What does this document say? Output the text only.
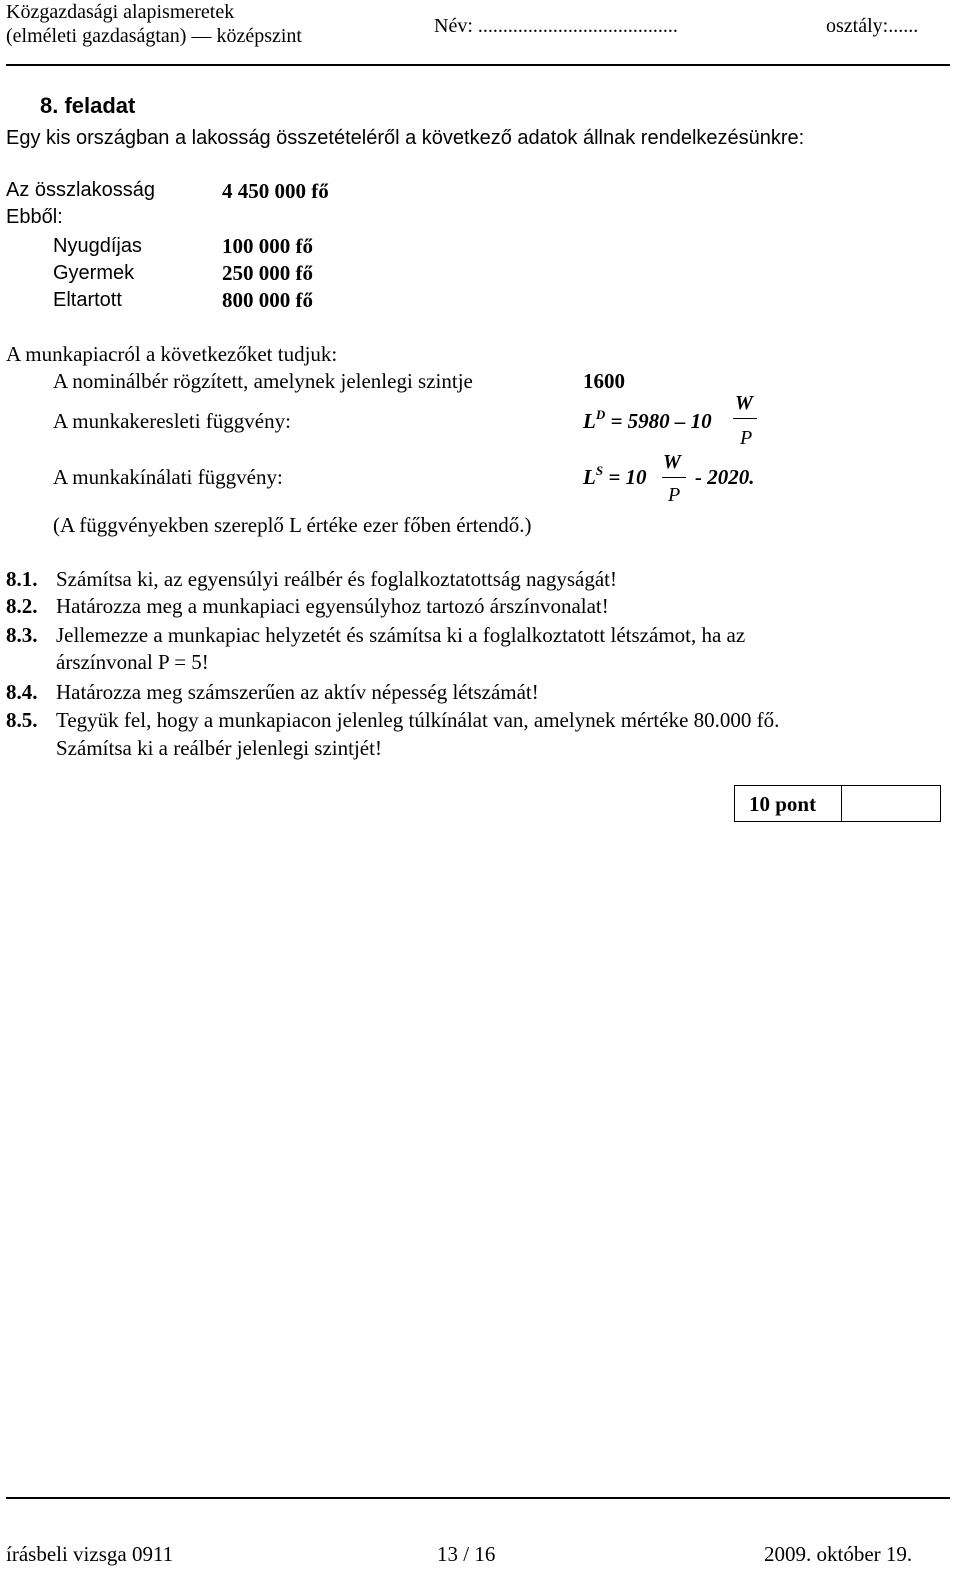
Közgazdasági alapismeretek
(elméleti gazdaságtan) — középszint	Név: ........................................	osztály:......
8. feladat
Egy kis országban a lakosság összetételéről a következő adatok állnak rendelkezésünkre:
Az összlakosság	4 450 000 fő
Ebből:
Nyugdíjas	100 000 fő
Gyermek	250 000 fő
Eltartott	800 000 fő
A munkapiacról a következőket tudjuk:
A nominálbér rögzített, amelynek jelenlegi szintje	1600
A munkakeresleti függvény:	$L^D = 5980 - 10$
W
P
A munkakínálati függvény:	$L^S = 10$
W
P
- 2020.
(A függvényekben szereplő L értéke ezer főben értendő.)
8.1. Számítsa ki, az egyensúlyi reálbér és foglalkoztatottság nagyságát!
8.2. Határozza meg a munkapiaci egyensúlyhoz tartozó árszínvonalat!
8.3. Jellemezze a munkapiac helyzetét és számítsa ki a foglalkoztatott létszámot, ha az
árszínvonal P = 5!
8.4. Határozza meg számszerűen az aktív népesség létszámát!
8.5. Tegyük fel, hogy a munkapiacon jelenleg túlkínálat van, amelynek mértéke 80.000 fő.
Számítsa ki a reálbér jelenlegi szintjét!
10 pont
írásbeli vizsga 0911	13 / 16	2009. október 19.
